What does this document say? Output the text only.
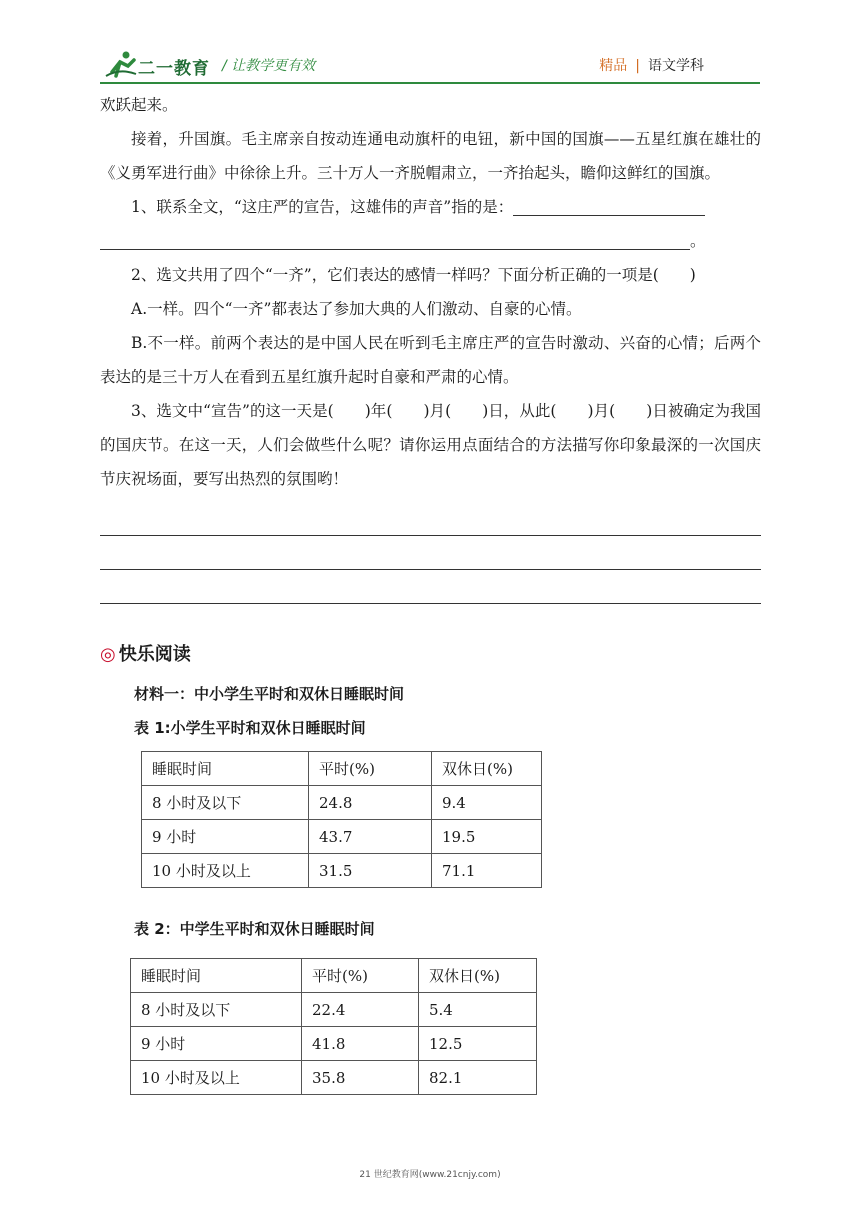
二一教育 / 让教学更有效	精品 | 语文学科

欢跃起来。

接着，升国旗。毛主席亲自按动连通电动旗杆的电钮，新中国的国旗——五星红旗在雄壮的《义勇军进行曲》中徐徐上升。三十万人一齐脱帽肃立，一齐抬起头，瞻仰这鲜红的国旗。

1、联系全文，“这庄严的宣告，这雄伟的声音”指的是：

。

2、选文共用了四个“一齐”，它们表达的感情一样吗？下面分析正确的一项是(　　)

A.一样。四个“一齐”都表达了参加大典的人们激动、自豪的心情。

B.不一样。前两个表达的是中国人民在听到毛主席庄严的宣告时激动、兴奋的心情；后两个表达的是三十万人在看到五星红旗升起时自豪和严肃的心情。

3、选文中“宣告”的这一天是(　　)年(　　)月(　　)日，从此(　　)月(　　)日被确定为我国的国庆节。在这一天，人们会做些什么呢？请你运用点面结合的方法描写你印象最深的一次国庆节庆祝场面，要写出热烈的氛围哟！

◎ 快乐阅读
材料一：中小学生平时和双休日睡眠时间
表 1:小学生平时和双休日睡眠时间
睡眠时间	平时(%)	双休日(%)
8 小时及以下	24.8	9.4
9 小时	43.7	19.5
10 小时及以上	31.5	71.1
表 2：中学生平时和双休日睡眠时间
睡眠时间	平时(%)	双休日(%)
8 小时及以下	22.4	5.4
9 小时	41.8	12.5
10 小时及以上	35.8	82.1
21 世纪教育网(www.21cnjy.com)
